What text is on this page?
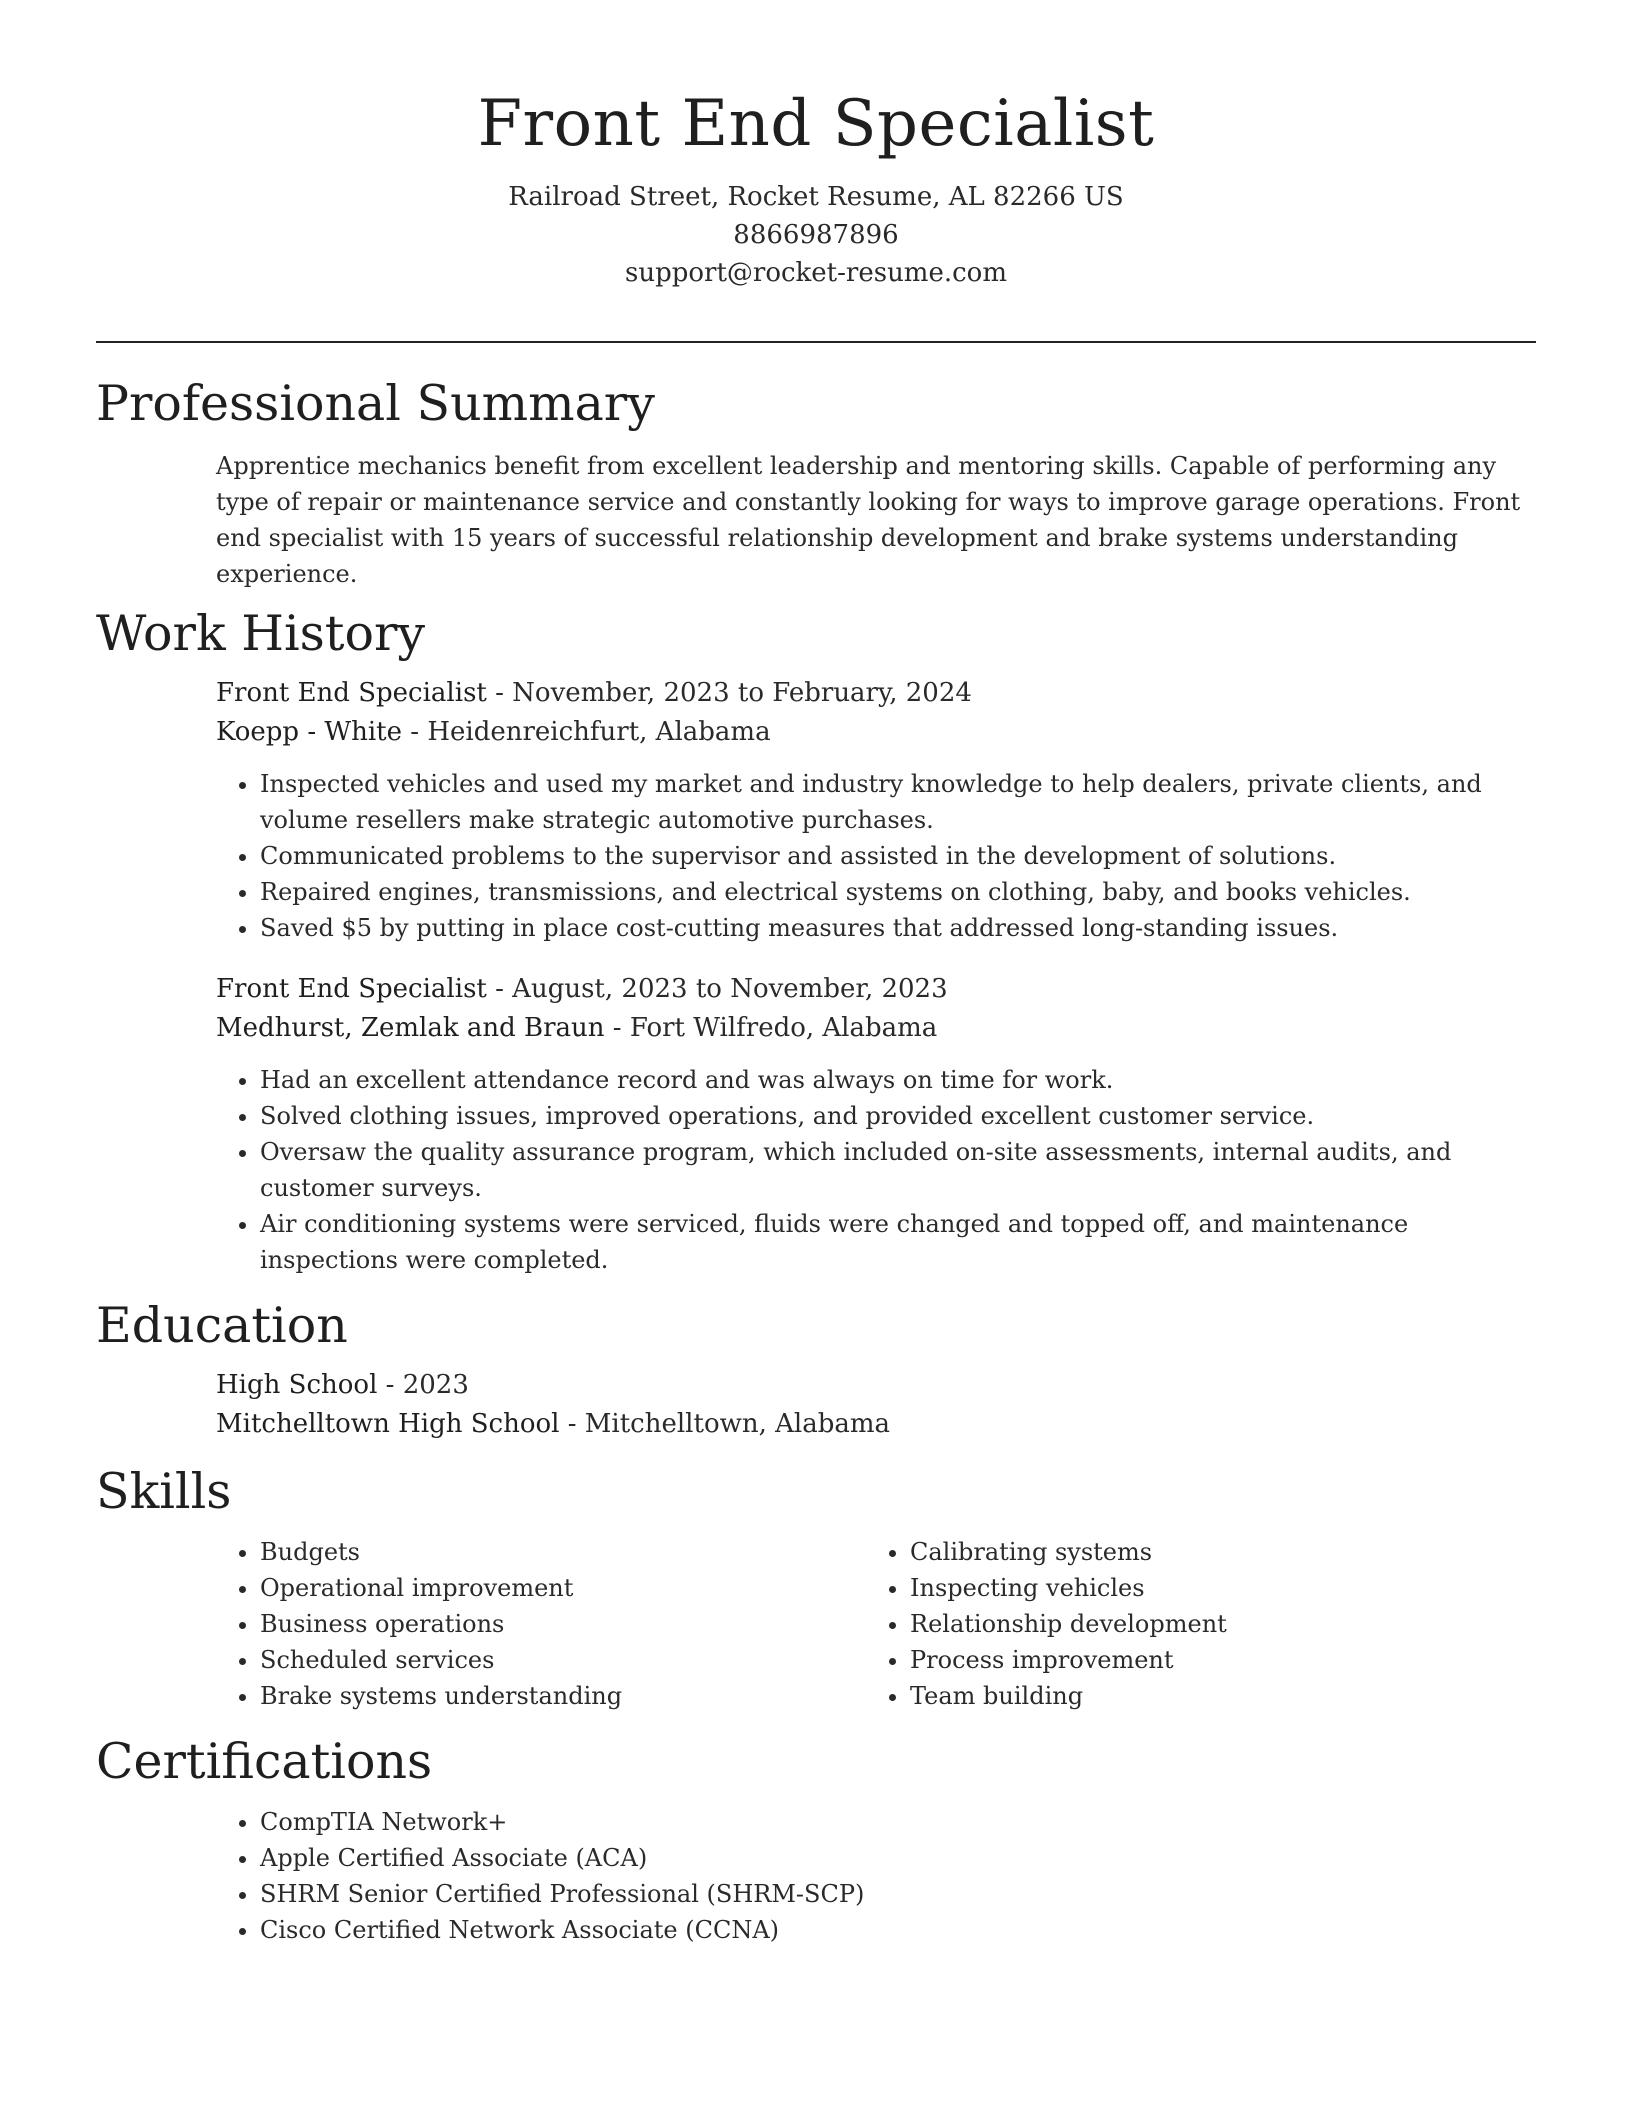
Front End Specialist
Railroad Street, Rocket Resume, AL 82266 US
8866987896
support@rocket-resume.com
Professional Summary

Apprentice mechanics benefit from excellent leadership and mentoring skills. Capable of performing any type of repair or maintenance service and constantly looking for ways to improve garage operations. Front end specialist with 15 years of successful relationship development and brake systems understanding experience.

Work History
Front End Specialist - November, 2023 to February, 2024
Koepp - White - Heidenreichfurt, Alabama
• Inspected vehicles and used my market and industry knowledge to help dealers, private clients, and volume resellers make strategic automotive purchases.
• Communicated problems to the supervisor and assisted in the development of solutions.
• Repaired engines, transmissions, and electrical systems on clothing, baby, and books vehicles.
• Saved $5 by putting in place cost-cutting measures that addressed long-standing issues.
Front End Specialist - August, 2023 to November, 2023
Medhurst, Zemlak and Braun - Fort Wilfredo, Alabama
• Had an excellent attendance record and was always on time for work.
• Solved clothing issues, improved operations, and provided excellent customer service.
• Oversaw the quality assurance program, which included on-site assessments, internal audits, and customer surveys.
• Air conditioning systems were serviced, fluids were changed and topped off, and maintenance inspections were completed.
Education
High School - 2023
Mitchelltown High School - Mitchelltown, Alabama
Skills
• Budgets
• Operational improvement
• Business operations
• Scheduled services
• Brake systems understanding
• Calibrating systems
• Inspecting vehicles
• Relationship development
• Process improvement
• Team building
Certifications
• CompTIA Network+
• Apple Certified Associate (ACA)
• SHRM Senior Certified Professional (SHRM-SCP)
• Cisco Certified Network Associate (CCNA)
